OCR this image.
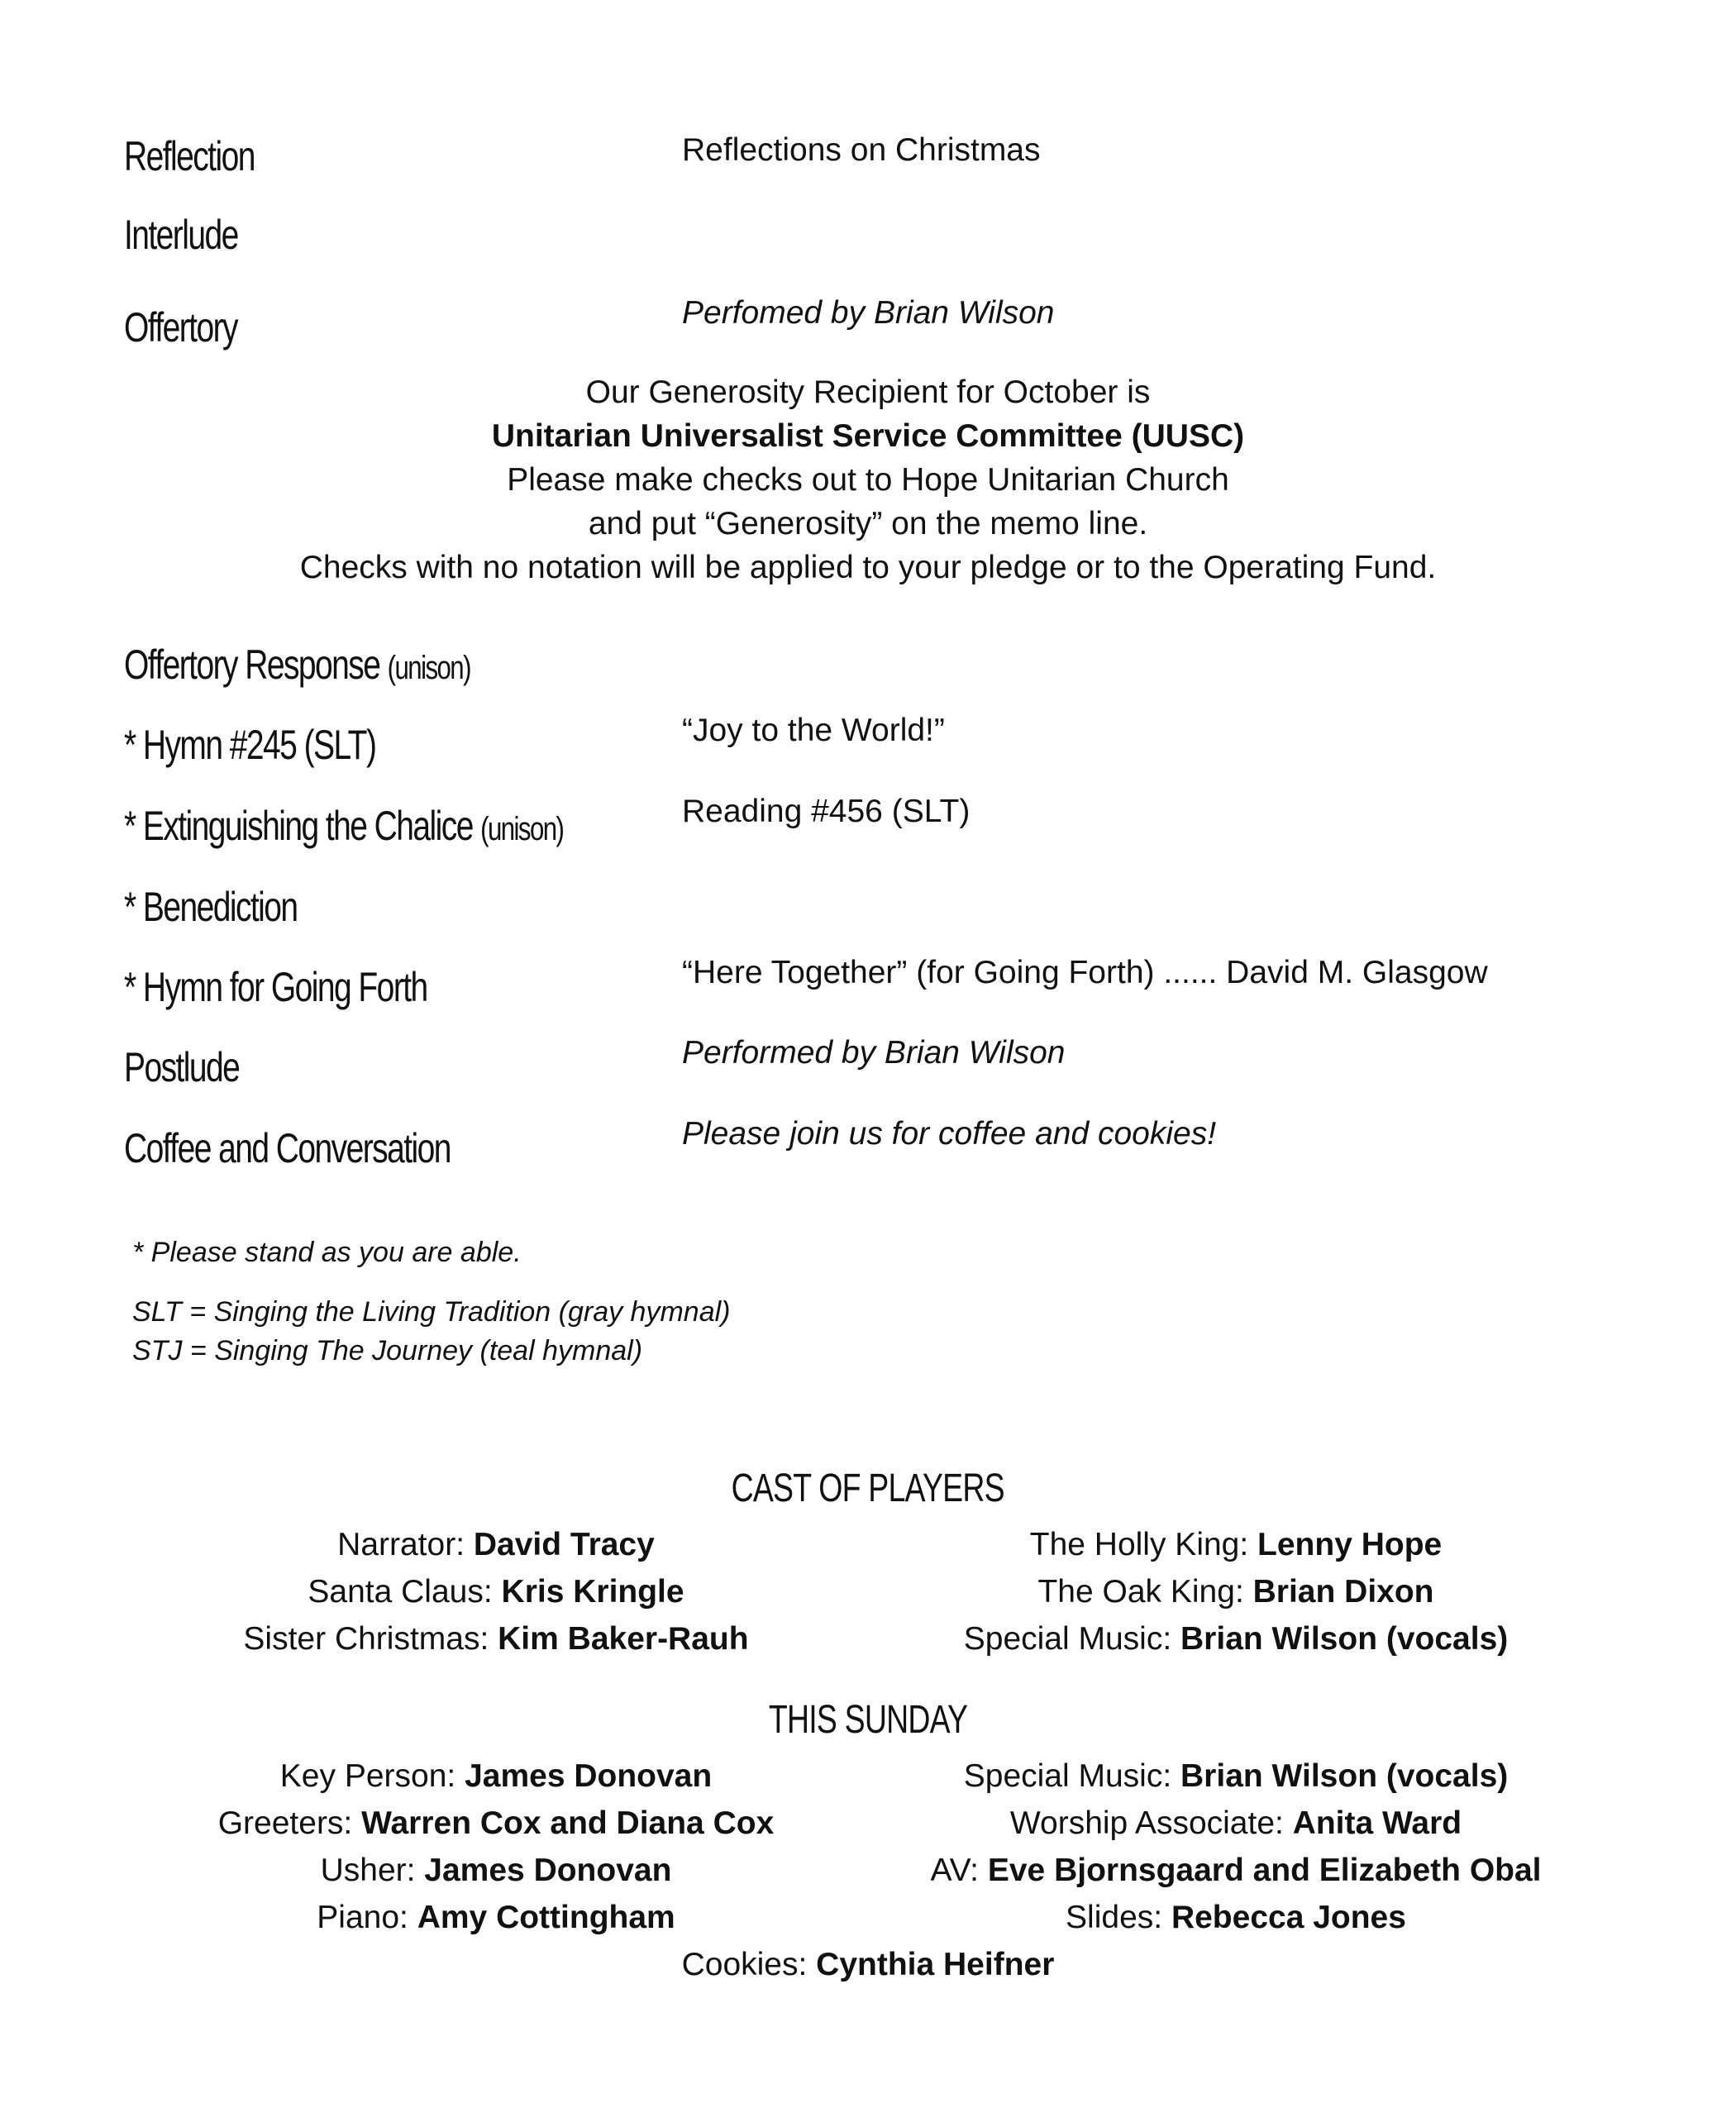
Reflection	Reflections on Christmas
Interlude
Offertory	Perfomed by Brian Wilson
Our Generosity Recipient for October is
Unitarian Universalist Service Committee (UUSC)
Please make checks out to Hope Unitarian Church
and put “Generosity” on the memo line.
Checks with no notation will be applied to your pledge or to the Operating Fund.
Offertory Response (unison)
* Hymn #245 (SLT)	“Joy to the World!”
* Extinguishing the Chalice (unison)	Reading #456 (SLT)
* Benediction
* Hymn for Going Forth	“Here Together” (for Going Forth) ...... David M. Glasgow
Postlude	Performed by Brian Wilson
Coffee and Conversation	Please join us for coffee and cookies!
* Please stand as you are able.
SLT = Singing the Living Tradition (gray hymnal)
STJ = Singing The Journey (teal hymnal)
CAST OF PLAYERS
Narrator: David Tracy
Santa Claus: Kris Kringle
Sister Christmas: Kim Baker-Rauh
The Holly King: Lenny Hope
The Oak King: Brian Dixon
Special Music: Brian Wilson (vocals)
THIS SUNDAY
Key Person: James Donovan
Greeters: Warren Cox and Diana Cox
Usher: James Donovan
Piano: Amy Cottingham
Special Music: Brian Wilson (vocals)
Worship Associate: Anita Ward
AV: Eve Bjornsgaard and Elizabeth Obal
Slides: Rebecca Jones
Cookies: Cynthia Heifner
